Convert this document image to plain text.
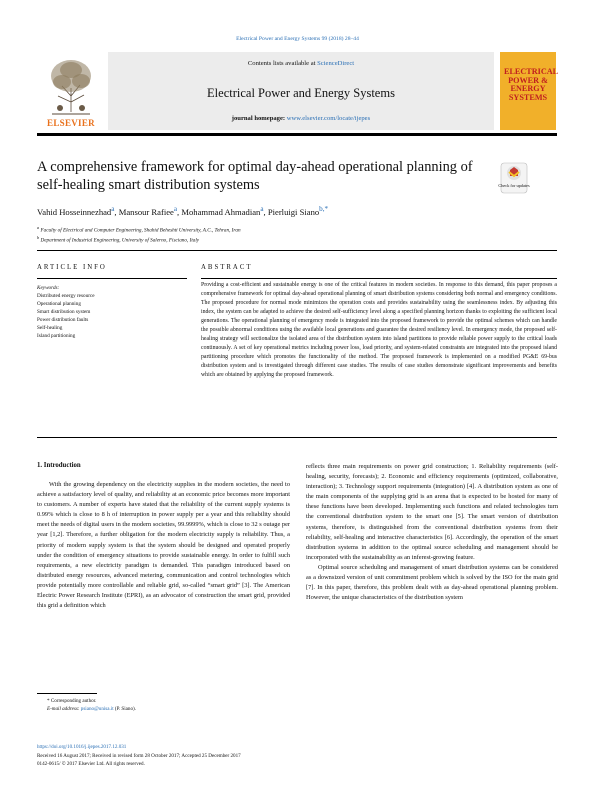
Electrical Power and Energy Systems 99 (2018) 28–44
ELSEVIER
Contents lists available at ScienceDirect
Electrical Power and Energy Systems
journal homepage: www.elsevier.com/locate/ijepes
ELECTRICAL POWER & ENERGY SYSTEMS
A comprehensive framework for optimal day-ahead operational planning of
self-healing smart distribution systems	Check for updates
Vahid Hosseinnezhad$^a$, Mansour Rafiee$^a$, Mohammad Ahmadian$^a$, Pierluigi Siano$^{b,*}$
$^a$ Faculty of Electrical and Computer Engineering, Shahid Beheshti University, A.C., Tehran, Iran
$^b$ Department of Industrial Engineering, University of Salerno, Fisciano, Italy
ARTICLE INFO	ABSTRACT
Keywords:
Distributed energy resource
Operational planning
Smart distribution system
Power distribution faults
Self-healing
Island partitioning
Providing a cost-efficient and sustainable energy is one of the critical features in modern societies. In response to this demand, this paper proposes a comprehensive framework for optimal day-ahead operational planning of smart distribution systems considering both normal and emergency conditions. The proposed procedure for normal mode minimizes the operation costs and provides sustainability using the seamlessness index. By adjusting this index, the system can be adapted to achieve the desired self-sufficiency level along a specified planning horizon thanks to exploiting the sufficient local generations. The operational planning of emergency mode is integrated into the proposed framework to provide the optimal schemes which can handle the possible abnormal conditions using the available local generations and guarantee the desired resiliency level. In emergency mode, the proposed self-healing strategy will sectionalize the isolated area of the distribution system into island partitions to provide reliable power supply to the critical loads continuously. A set of key operational metrics including power loss, load priority, and system-related constraints are integrated into the proposed island partitioning procedure which promotes the functionality of the method. The proposed framework is implemented on a modified PG&E 69-bus distribution system and is investigated through different case studies. The results of case studies demonstrate significant improvements and benefits which are obtained by applying the proposed framework.
1. Introduction

With the growing dependency on the electricity supplies in the modern societies, the need to achieve a satisfactory level of quality, and reliability at an economic price becomes more important to customers. A number of experts have stated that the reliability of the current supply systems is 0.99% which is close to 8 h of interruption in power supply per a year and this reliability should meet the needs of digital users in the modern societies, 99.9999%, which is close to 32 s outage per year [1,2]. Therefore, a further obligation for the modern electricity supply is reliability. Thus, a priority of modern supply system is that the system should be designed and operated properly under the condition of emergency situations to provide sustainable energy. In order to fulfill such requirements, a new electricity paradigm is demanded. This paradigm introduced based on distributed energy resources, advanced metering, communication and control technologies which provide potentially more controllable and reliable grid, so-called “smart grid” [3]. The American Electric Power Research Institute (EPRI), as an advocator of construction the smart grid, provided this grid a definition which

reflects three main requirements on power grid construction; 1. Reliability requirements (self-healing, security, forecasts); 2. Economic and efficiency requirements (optimized, collaborative, interaction); 3. Technology support requirements (integration) [4]. A distribution system as one of the main components of the supplying grid is an arena that is expected to be hosted for many of these functions have been developed. Implementing such functions and related technologies turn the conventional distribution system to the smart one [5]. The smart version of distribution systems, therefore, is distinguished from the conventional distribution systems from their reliability, self-healing and interactive characteristics [6]. Accordingly, the operation of the smart distribution systems in addition to the optimal source scheduling and management should be incorporated with the sustainability as an inferest-growing feature.

Optimal source scheduling and management of smart distribution systems can be considered as a downsized version of unit commitment problem which is solved by the ISO for the main grid [7]. In this paper, therefore, this problem dealt with as day-ahead operational planning problem. However, the unique characteristics of the distribution system

* Corresponding author.
E-mail address: psiano@unisa.it (P. Siano).
https://doi.org/10.1016/j.ijepes.2017.12.031
Received 16 August 2017; Received in revised form 28 October 2017; Accepted 25 December 2017
0142-0615/ © 2017 Elsevier Ltd. All rights reserved.
